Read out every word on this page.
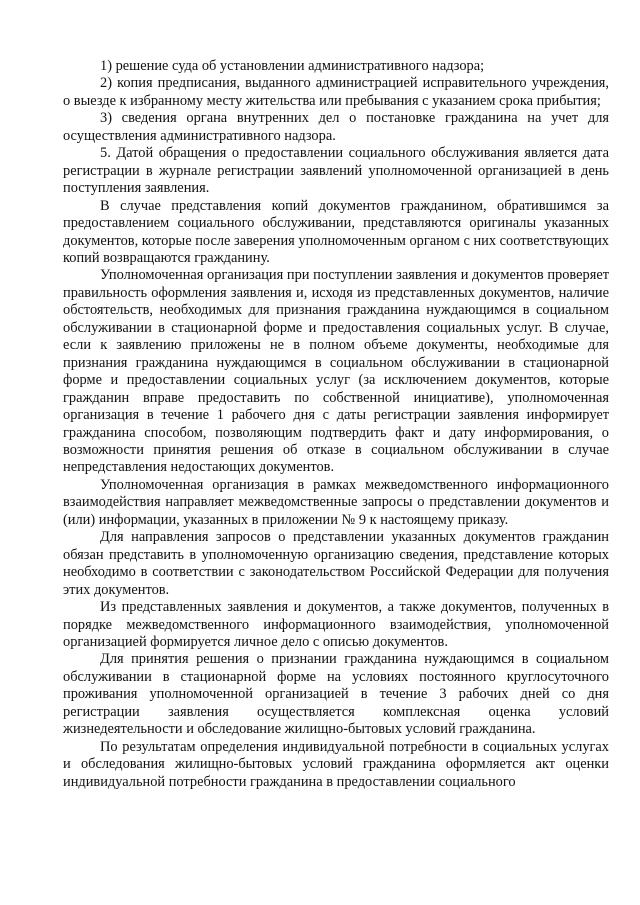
1) решение суда об установлении административного надзора;

2) копия предписания, выданного администрацией исправительного учреждения, о выезде к избранному месту жительства или пребывания с указанием срока прибытия;

3) сведения органа внутренних дел о постановке гражданина на учет для осуществления административного надзора.

5. Датой обращения о предоставлении социального обслуживания является дата регистрации в журнале регистрации заявлений уполномоченной организацией в день поступления заявления.

В случае представления копий документов гражданином, обратившимся за предоставлением социального обслуживании, представляются оригиналы указанных документов, которые после заверения уполномоченным органом с них соответствующих копий возвращаются гражданину.

Уполномоченная организация при поступлении заявления и документов проверяет правильность оформления заявления и, исходя из представленных документов, наличие обстоятельств, необходимых для признания гражданина нуждающимся в социальном обслуживании в стационарной форме и предоставления социальных услуг. В случае, если к заявлению приложены не в полном объеме документы, необходимые для признания гражданина нуждающимся в социальном обслуживании в стационарной форме и предоставлении социальных услуг (за исключением документов, которые гражданин вправе предоставить по собственной инициативе), уполномоченная организация в течение 1 рабочего дня с даты регистрации заявления информирует гражданина способом, позволяющим подтвердить факт и дату информирования, о возможности принятия решения об отказе в социальном обслуживании в случае непредставления недостающих документов.

Уполномоченная организация в рамках межведомственного информационного взаимодействия направляет межведомственные запросы о представлении документов и (или) информации, указанных в приложении № 9 к настоящему приказу.

Для направления запросов о представлении указанных документов гражданин обязан представить в уполномоченную организацию сведения, представление которых необходимо в соответствии с законодательством Российской Федерации для получения этих документов.

Из представленных заявления и документов, а также документов, полученных в порядке межведомственного информационного взаимодействия, уполномоченной организацией формируется личное дело с описью документов.

Для принятия решения о признании гражданина нуждающимся в социальном обслуживании в стационарной форме на условиях постоянного круглосуточного проживания уполномоченной организацией в течение 3 рабочих дней со дня регистрации заявления осуществляется комплексная оценка условий жизнедеятельности и обследование жилищно-бытовых условий гражданина.

По результатам определения индивидуальной потребности в социальных услугах и обследования жилищно-бытовых условий гражданина оформляется акт оценки индивидуальной потребности гражданина в предоставлении социального
